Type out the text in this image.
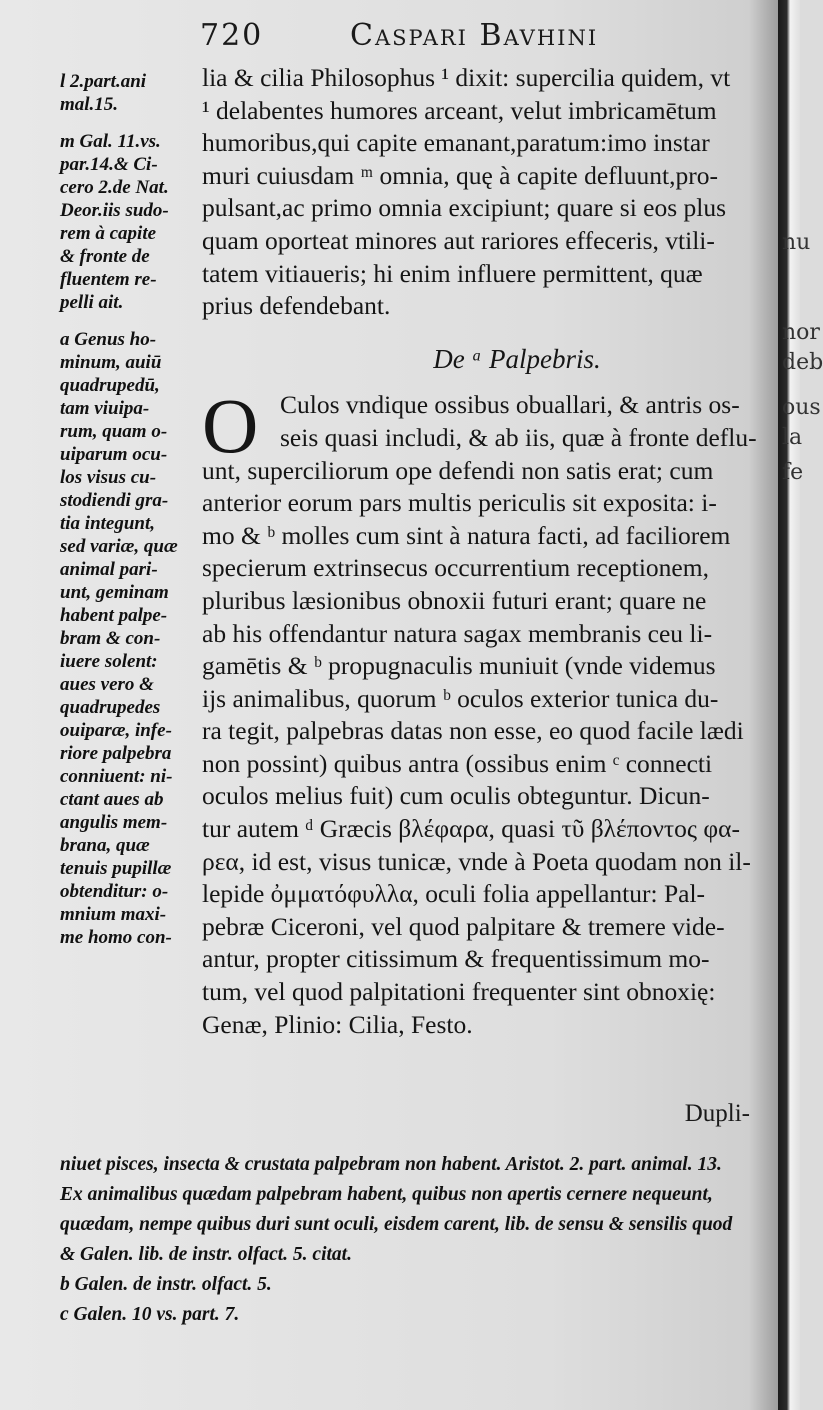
720	Caspari Bavhini
l 2.part.ani
mal.15.
m Gal. 11.vs.
par.14.& Ci-
cero 2.de Nat.
Deor.iis sudo-
rem à capite
& fronte de
fluentem re-
pelli ait.
a Genus ho-
minum, auiū
quadrupedū,
tam viuipa-
rum, quam o-
uiparum ocu-
los visus cu-
stodiendi gra-
tia integunt,
sed variæ, quæ
animal pari-
unt, geminam
habent palpe-
bram & con-
iuere solent:
aues vero &
quadrupedes
ouiparæ, infe-
riore palpebra
conniuent: ni-
ctant aues ab
angulis mem-
brana, quæ
tenuis pupillæ
obtenditur: o-
mnium maxi-
me homo con-
lia & cilia Philosophus ¹ dixit: supercilia quidem, vt
¹ delabentes humores arceant, velut imbricamētum
humoribus,qui capite emanant,paratum:imo instar
muri cuiusdam ᵐ omnia, quę à capite defluunt,pro-
pulsant,ac primo omnia excipiunt; quare si eos plus
quam oporteat minores aut rariores effeceris, vtili-
tatem vitiaueris; hi enim influere permittent, quæ
prius defendebant.
De ᵃ Palpebris.
O Culos vndique ossibus obuallari, & antris os-
seis quasi includi, & ab iis, quæ à fronte deflu-
unt, superciliorum ope defendi non satis erat; cum
anterior eorum pars multis periculis sit exposita: i-
mo & ᵇ molles cum sint à natura facti, ad faciliorem
specierum extrinsecus occurrentium receptionem,
pluribus læsionibus obnoxii futuri erant; quare ne
ab his offendantur natura sagax membranis ceu li-
gamētis & ᵇ propugnaculis muniuit (vnde videmus
ijs animalibus, quorum ᵇ oculos exterior tunica du-
ra tegit, palpebras datas non esse, eo quod facile lædi
non possint) quibus antra (ossibus enim ᶜ connecti
oculos melius fuit) cum oculis obteguntur. Dicun-
tur autem ᵈ Græcis βλέφαρα, quasi τῦ βλέποντος φα-
ρεα, id est, visus tunicæ, vnde à Poeta quodam non il-
lepide ὀμματόφυλλα, oculi folia appellantur: Pal-
pebræ Ciceroni, vel quod palpitare & tremere vide-
antur, propter citissimum & frequentissimum mo-
tum, vel quod palpitationi frequenter sint obnoxię:
Genæ, Plinio: Cilia, Festo.
Dupli-
niuet pisces, insecta & crustata palpebram non habent. Aristot. 2. part. animal. 13.
Ex animalibus quædam palpebram habent, quibus non apertis cernere nequeunt,
quædam, nempe quibus duri sunt oculi, eisdem carent, lib. de sensu & sensilis quod
& Galen. lib. de instr. olfact. 5. citat.
b Galen. de instr. olfact. 5.
c Galen. 10 vs. part. 7.
nu
nor
deb
ous
la
fe
